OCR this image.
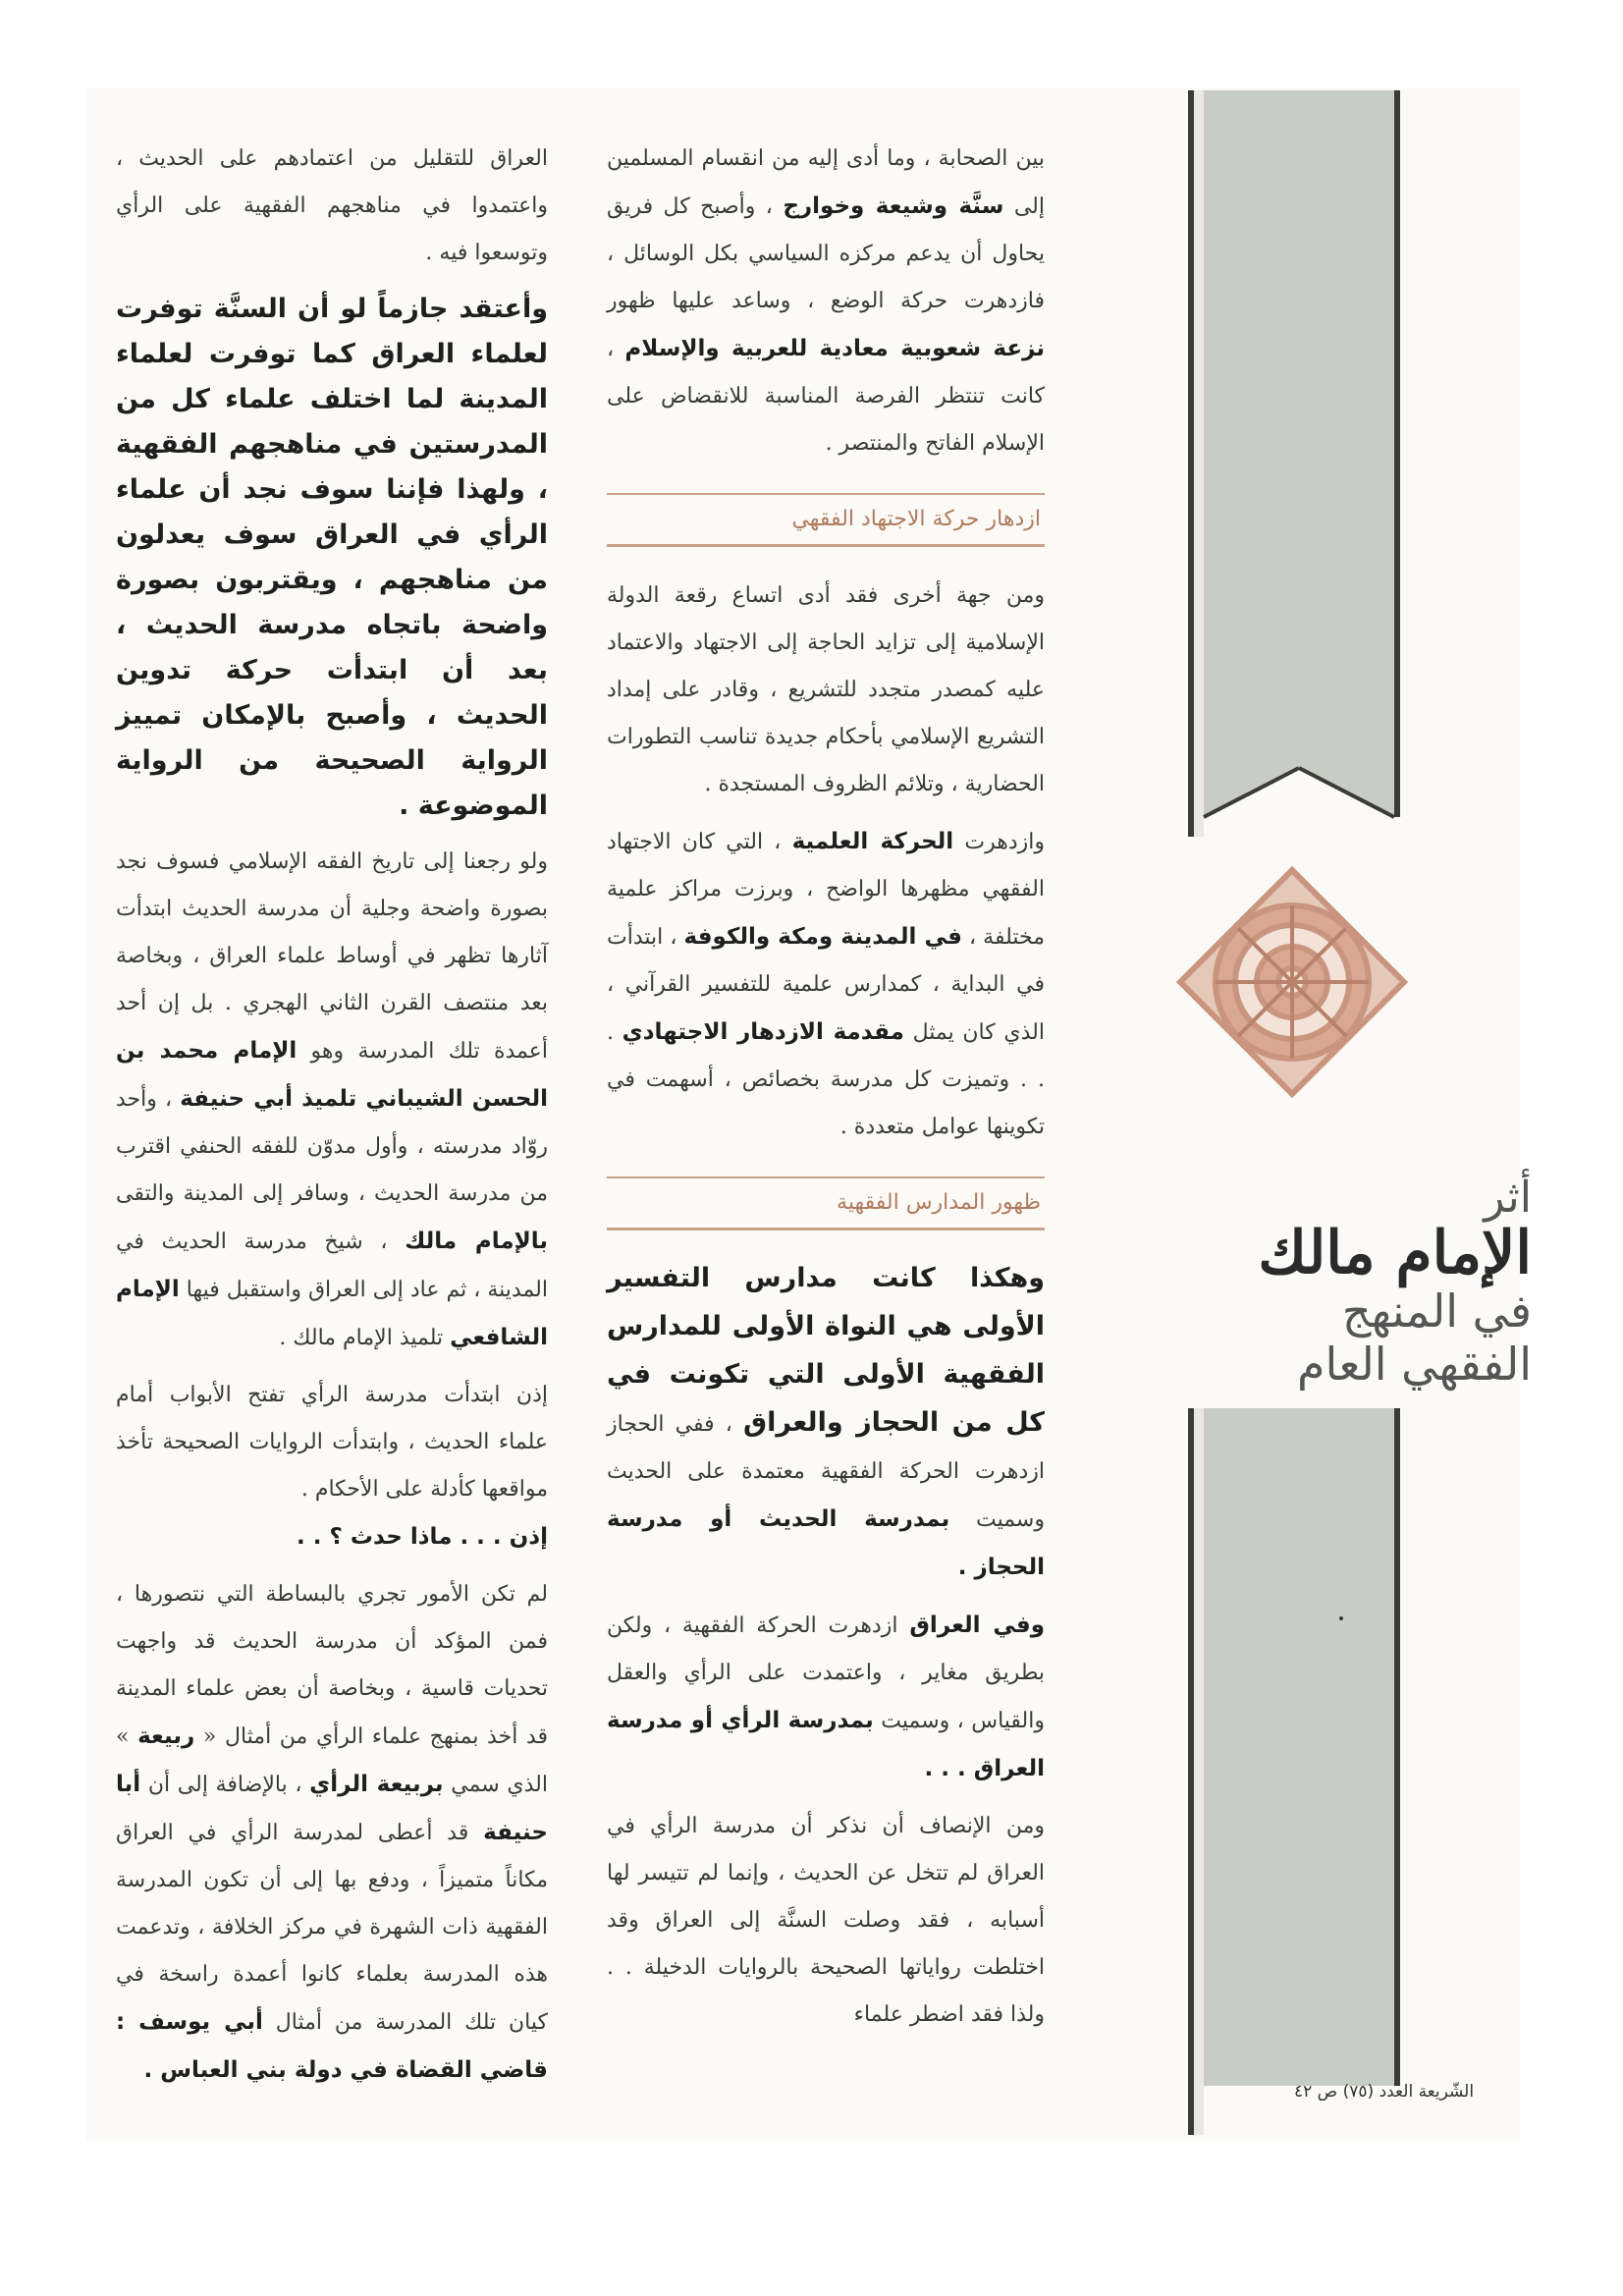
العراق للتقليل من اعتمادهم على الحديث ، واعتمدوا في مناهجهم الفقهية على الرأي وتوسعوا فيه .

وأعتقد جازماً لو أن السنَّة توفرت لعلماء العراق كما توفرت لعلماء المدينة لما اختلف علماء كل من المدرستين في مناهجهم الفقهية ، ولهذا فإننا سوف نجد أن علماء الرأي في العراق سوف يعدلون من مناهجهم ، ويقتربون بصورة واضحة باتجاه مدرسة الحديث ، بعد أن ابتدأت حركة تدوين الحديث ، وأصبح بالإمكان تمييز الرواية الصحيحة من الرواية الموضوعة .

ولو رجعنا إلى تاريخ الفقه الإسلامي فسوف نجد بصورة واضحة وجلية أن مدرسة الحديث ابتدأت آثارها تظهر في أوساط علماء العراق ، وبخاصة بعد منتصف القرن الثاني الهجري . بل إن أحد أعمدة تلك المدرسة وهو الإمام محمد بن الحسن الشيباني تلميذ أبي حنيفة ، وأحد روّاد مدرسته ، وأول مدوّن للفقه الحنفي اقترب من مدرسة الحديث ، وسافر إلى المدينة والتقى بالإمام مالك ، شيخ مدرسة الحديث في المدينة ، ثم عاد إلى العراق واستقبل فيها الإمام الشافعي تلميذ الإمام مالك .

إذن ابتدأت مدرسة الرأي تفتح الأبواب أمام علماء الحديث ، وابتدأت الروايات الصحيحة تأخذ مواقعها كأدلة على الأحكام .
إذن . . . ماذا حدث ؟ . .

لم تكن الأمور تجري بالبساطة التي نتصورها ، فمن المؤكد أن مدرسة الحديث قد واجهت تحديات قاسية ، وبخاصة أن بعض علماء المدينة قد أخذ بمنهج علماء الرأي من أمثال « ربيعة » الذي سمي بربيعة الرأي ، بالإضافة إلى أن أبا حنيفة قد أعطى لمدرسة الرأي في العراق مكاناً متميزاً ، ودفع بها إلى أن تكون المدرسة الفقهية ذات الشهرة في مركز الخلافة ، وتدعمت هذه المدرسة بعلماء كانوا أعمدة راسخة في كيان تلك المدرسة من أمثال أبي يوسف : قاضي القضاة في دولة بني العباس .

بين الصحابة ، وما أدى إليه من انقسام المسلمين إلى سنَّة وشيعة وخوارج ، وأصبح كل فريق يحاول أن يدعم مركزه السياسي بكل الوسائل ، فازدهرت حركة الوضع ، وساعد عليها ظهور نزعة شعوبية معادية للعربية والإسلام ، كانت تنتظر الفرصة المناسبة للانقضاض على الإسلام الفاتح والمنتصر .

ازدهار حركة الاجتهاد الفقهي

ومن جهة أخرى فقد أدى اتساع رقعة الدولة الإسلامية إلى تزايد الحاجة إلى الاجتهاد والاعتماد عليه كمصدر متجدد للتشريع ، وقادر على إمداد التشريع الإسلامي بأحكام جديدة تناسب التطورات الحضارية ، وتلائم الظروف المستجدة .

وازدهرت الحركة العلمية ، التي كان الاجتهاد الفقهي مظهرها الواضح ، وبرزت مراكز علمية مختلفة ، في المدينة ومكة والكوفة ، ابتدأت في البداية ، كمدارس علمية للتفسير القرآني ، الذي كان يمثل مقدمة الازدهار الاجتهادي . . . وتميزت كل مدرسة بخصائص ، أسهمت في تكوينها عوامل متعددة .

ظهور المدارس الفقهية

وهكذا كانت مدارس التفسير الأولى هي النواة الأولى للمدارس الفقهية الأولى التي تكونت في كل من الحجاز والعراق ، ففي الحجاز ازدهرت الحركة الفقهية معتمدة على الحديث وسميت بمدرسة الحديث أو مدرسة الحجاز .

وفي العراق ازدهرت الحركة الفقهية ، ولكن بطريق مغاير ، واعتمدت على الرأي والعقل والقياس ، وسميت بمدرسة الرأي أو مدرسة العراق . . .

ومن الإنصاف أن نذكر أن مدرسة الرأي في العراق لم تتخل عن الحديث ، وإنما لم تتيسر لها أسبابه ، فقد وصلت السنَّة إلى العراق وقد اختلطت رواياتها الصحيحة بالروايات الدخيلة . . ولذا فقد اضطر علماء

أثر
الإمام مالك
في المنهج
الفقهي العام
الشّريعة العدد (٧٥) ص ٤٢
